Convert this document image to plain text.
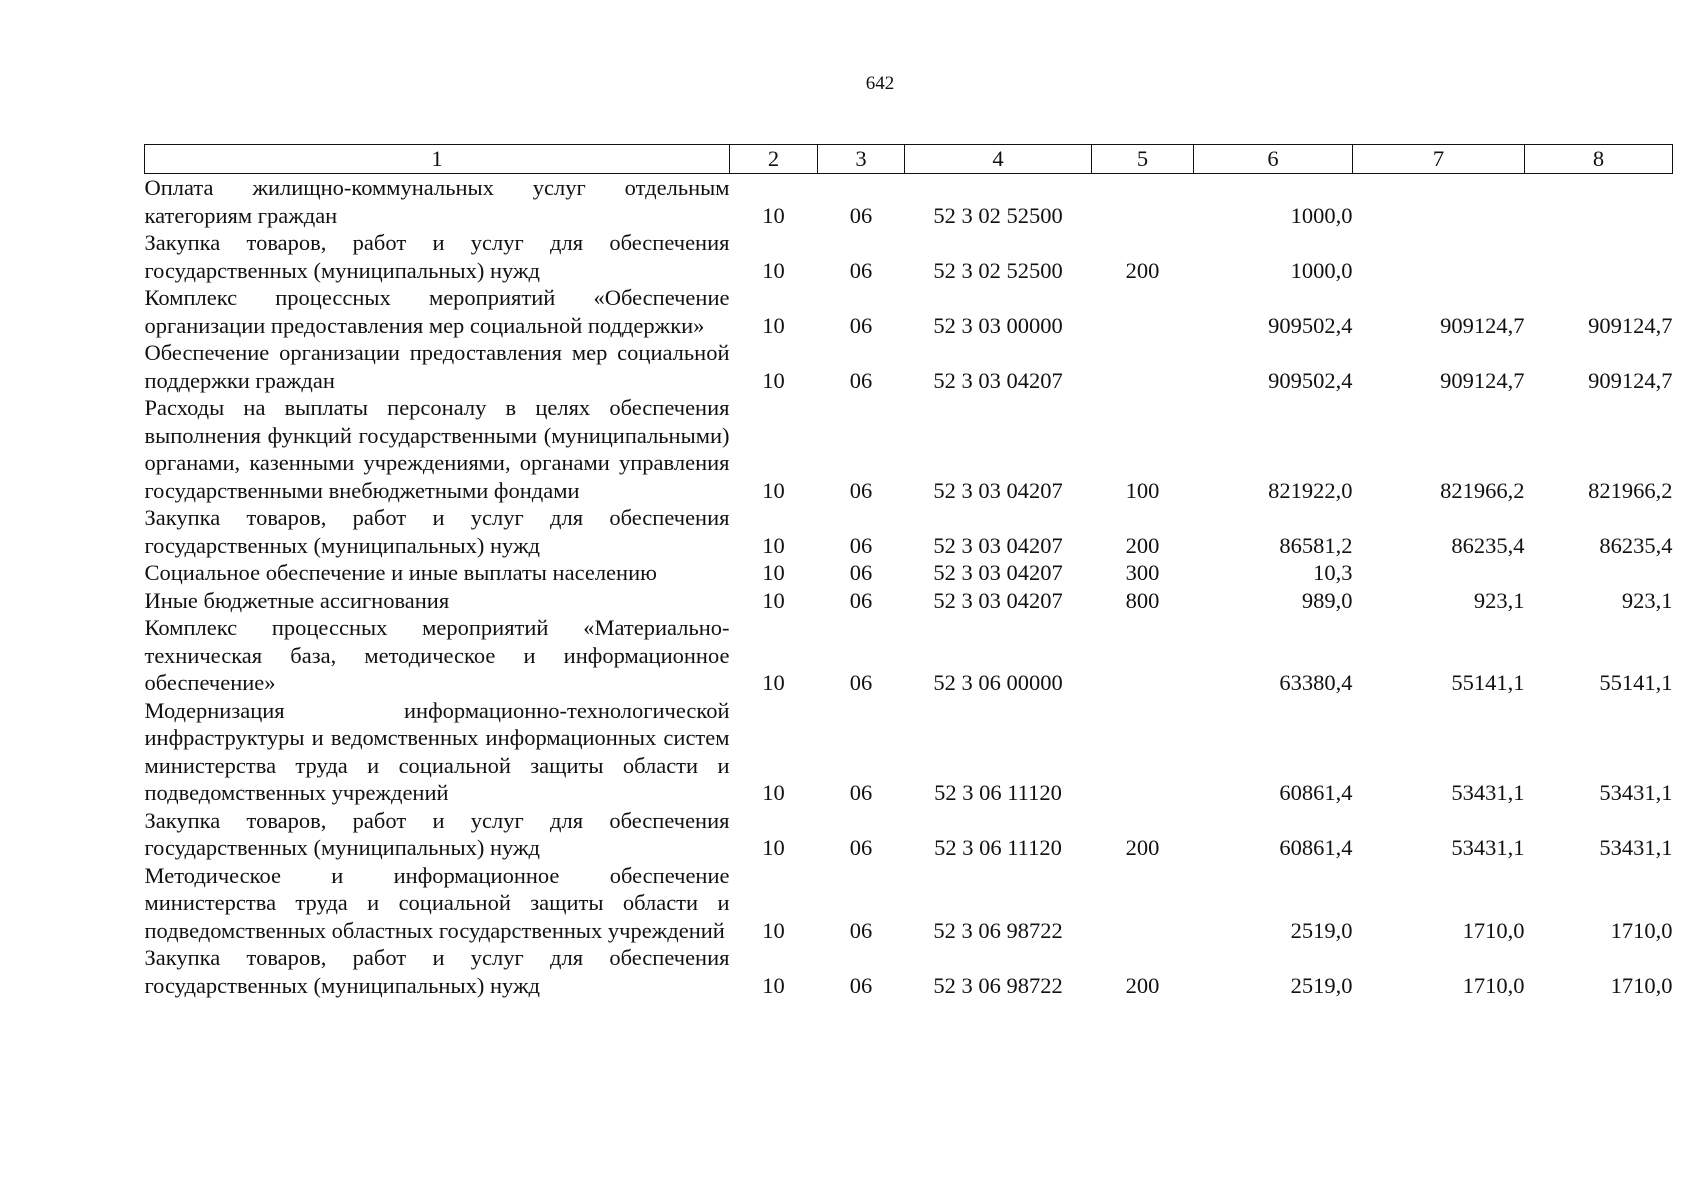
642
1	2	3	4	5	6	7	8
Оплата жилищно-коммунальных услуг отдельным категориям граждан	10	06	52 3 02 52500		1000,0		
Закупка товаров, работ и услуг для обеспечения государственных (муниципальных) нужд	10	06	52 3 02 52500	200	1000,0		
Комплекс процессных мероприятий «Обеспечение организации предоставления мер социальной поддержки»	10	06	52 3 03 00000		909502,4	909124,7	909124,7
Обеспечение организации предоставления мер социальной поддержки граждан	10	06	52 3 03 04207		909502,4	909124,7	909124,7
Расходы на выплаты персоналу в целях обеспечения выполнения функций государственными (муниципальными) органами, казенными учреждениями, органами управления государственными внебюджетными фондами	10	06	52 3 03 04207	100	821922,0	821966,2	821966,2
Закупка товаров, работ и услуг для обеспечения государственных (муниципальных) нужд	10	06	52 3 03 04207	200	86581,2	86235,4	86235,4
Социальное обеспечение и иные выплаты населению	10	06	52 3 03 04207	300	10,3		
Иные бюджетные ассигнования	10	06	52 3 03 04207	800	989,0	923,1	923,1
Комплекс процессных мероприятий «Материально-техническая база, методическое и информационное обеспечение»	10	06	52 3 06 00000		63380,4	55141,1	55141,1
Модернизация информационно-технологической инфраструктуры и ведомственных информационных систем министерства труда и социальной защиты области и подведомственных учреждений	10	06	52 3 06 11120		60861,4	53431,1	53431,1
Закупка товаров, работ и услуг для обеспечения государственных (муниципальных) нужд	10	06	52 3 06 11120	200	60861,4	53431,1	53431,1
Методическое и информационное обеспечение министерства труда и социальной защиты области и подведомственных областных государственных учреждений	10	06	52 3 06 98722		2519,0	1710,0	1710,0
Закупка товаров, работ и услуг для обеспечения государственных (муниципальных) нужд	10	06	52 3 06 98722	200	2519,0	1710,0	1710,0
